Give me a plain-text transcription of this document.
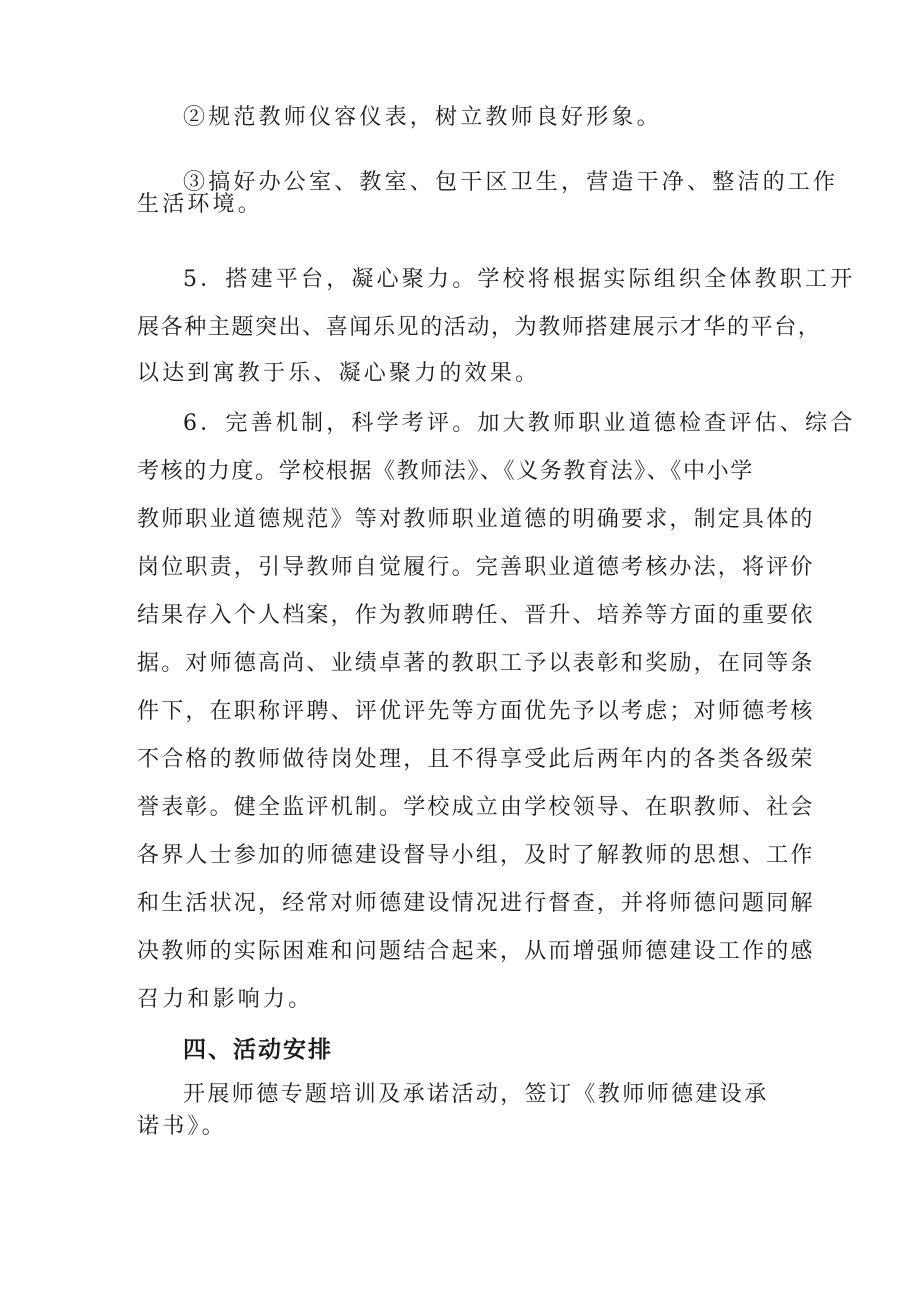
②规范教师仪容仪表，树立教师良好形象。
③搞好办公室、教室、包干区卫生，营造干净、整洁的工作
生活环境。
5．搭建平台，凝心聚力。学校将根据实际组织全体教职工开
展各种主题突出、喜闻乐见的活动，为教师搭建展示才华的平台，
以达到寓教于乐、凝心聚力的效果。
6．完善机制，科学考评。加大教师职业道德检查评估、综合
考核的力度。学校根据《教师法》、《义务教育法》、《中小学
教师职业道德规范》等对教师职业道德的明确要求，制定具体的
岗位职责，引导教师自觉履行。完善职业道德考核办法，将评价
结果存入个人档案，作为教师聘任、晋升、培养等方面的重要依
据。对师德高尚、业绩卓著的教职工予以表彰和奖励，在同等条
件下，在职称评聘、评优评先等方面优先予以考虑；对师德考核
不合格的教师做待岗处理，且不得享受此后两年内的各类各级荣
誉表彰。健全监评机制。学校成立由学校领导、在职教师、社会
各界人士参加的师德建设督导小组，及时了解教师的思想、工作
和生活状况，经常对师德建设情况进行督查，并将师德问题同解
决教师的实际困难和问题结合起来，从而增强师德建设工作的感
召力和影响力。
四、活动安排
开展师德专题培训及承诺活动，签订《教师师德建设承
诺书》。
